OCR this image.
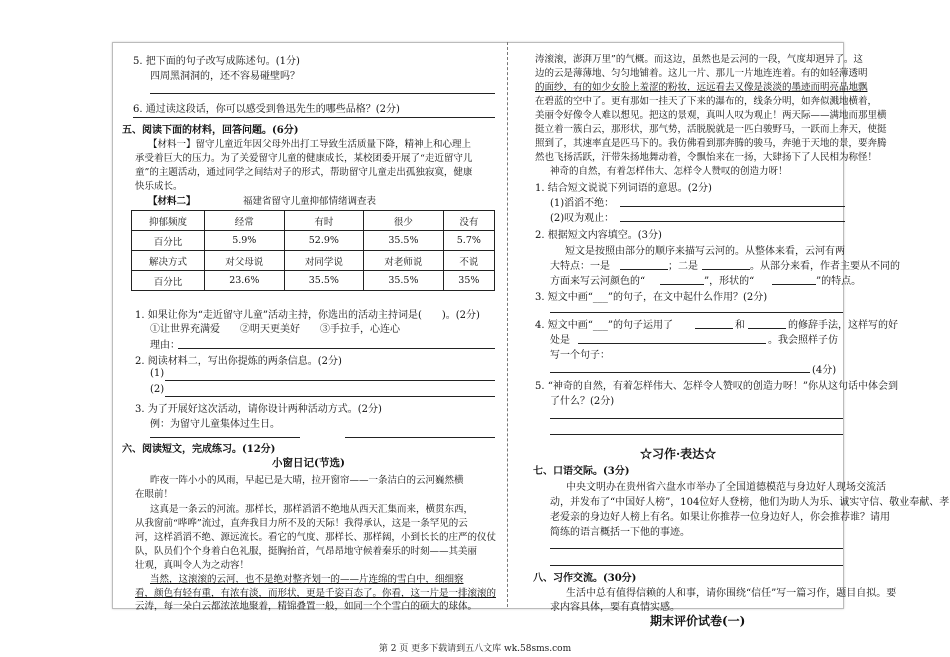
5. 把下面的句子改写成陈述句。(1分)
四周黑洞洞的，还不容易碰壁吗？
6. 通过读这段话，你可以感受到鲁迅先生的哪些品格？(2分)
五、阅读下面的材料，回答问题。(6分)
【材料一】留守儿童近年因父母外出打工导致生活质量下降，精神上和心理上
承受着巨大的压力。为了关爱留守儿童的健康成长，某校团委开展了“走近留守儿
童”的主题活动，通过同学之间结对子的形式，帮助留守儿童走出孤独寂寞，健康
快乐成长。
【材料二】	福建省留守儿童抑郁情绪调查表
抑郁频度	经常	有时	很少	没有
百分比	5.9%	52.9%	35.5%	5.7%
解决方式	对父母说	对同学说	对老师说	不说
百分比	23.6%	35.5%	35.5%	35%
1. 如果让你为“走近留守儿童”活动主持，你选出的活动主持词是(　　)。(2分)
①让世界充满爱　　②明天更美好　　③手拉手，心连心
理由：
2. 阅读材料二，写出你提炼的两条信息。(2分)
(1)
(2)
3. 为了开展好这次活动，请你设计两种活动方式。(2分)
例：为留守儿童集体过生日。
六、阅读短文，完成练习。(12分)
小窗日记(节选)
昨夜一阵小小的风雨，早起已是大晴，拉开窗帘——一条洁白的云河巍然横
在眼前！
这真是一条云的河流。那样长，那样滔滔不绝地从西天汇集而来，横贯东西，
从我窗前“哗哗”流过，直奔我目力所不及的天际！我得承认，这是一条罕见的云
河，这样滔滔不绝、源远流长。看它的气度、那样长、那样阔，小到长长的庄严的仪仗
队，队员们个个身着白色礼服，挺胸抬首，气昂昂地守候着秦乐的时刻——其美丽
壮观，真叫令人为之动容！
当然，这滚滚的云河，也不是绝对整齐划一的——片连绵的雪白中，细细察
看，颜色有轻有重，有浓有淡，而形状，更是千姿百态了。你看，这一片是一排滚滚的
云涛，每一朵白云都浓浓地聚着，精锦叠置一般，如同一个个雪白的硕大的球体。
涛滚滚，澎湃万里”的气概。而这边，虽然也是云河的一段，气度却迥异了。这
边的云是薄薄地、匀匀地铺着。这儿一片、那儿一片地连连着。有的如轻薄透明
的面纱，有的如少女脸上羞涩的粉妆，远远看去又像是淡淡的墨迹而明亮晶地飘
在碧蓝的空中了。更有那如一挂天了下来的瀑布的，线条分明，如奔似溅地横着，
美丽令好像令人难以想见。把这的景观，真叫人叹为观止！两天际——满地而那里横
挺立着一簇白云，那形状，那气势，活脱脱就是一匹白骏野马，一跃而上奔天，使挺
照到了，其速率直是匹马下的。我仿佛看到那奔腾的骏马，奔驰于天地的景，要奔腾
然也飞扬活跃，汗带朱扬地舞动着，令飘怡来在一扬，大肆扬下了人民相为称怪！
神奇的自然，有着怎样伟大、怎样令人赞叹的创造力呀！
1. 结合短文说说下列词语的意思。(2分)
(1)滔滔不绝：
(2)叹为观止：
2. 根据短文内容填空。(3分)
短文是按照由部分的顺序来描写云河的。从整体来看，云河有两
大特点：一是	；二是	。从部分来看，作者主要从不同的
方面来写云河颜色的“	”，形状的“	”的特点。
3. 短文中画“___”的句子，在文中起什么作用？(2分)
4. 短文中画“___”的句子运用了	和	的修辞手法，这样写的好
处是	。我会照样子仿
写一个句子：
(4分)
5. “神奇的自然，有着怎样伟大、怎样令人赞叹的创造力呀！”你从这句话中体会到
了什么？(2分)
☆习作·表达☆
七、口语交际。(3分)
中央文明办在贵州省六盘水市举办了全国道德模范与身边好人现场交流活
动，并发布了“中国好人榜”，104位好人登榜，他们为助人为乐、诚实守信、敬业奉献、孝
老爱亲的身边好人榜上有名。如果让你推荐一位身边好人，你会推荐谁？请用
简练的语言概括一下他的事迹。
八、习作交流。(30分)
生活中总有值得信赖的人和事，请你围绕“信任”写一篇习作，题目自拟。要
求内容具体，要有真情实感。
期末评价试卷(一)
第 2 页 更多下载请到五八文库 wk.58sms.com
